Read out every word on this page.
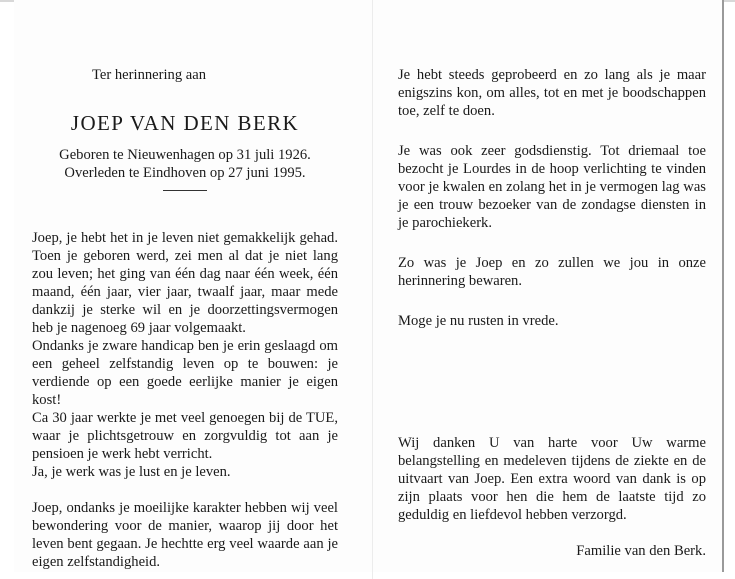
Ter herinnering aan

JOEP VAN DEN BERK

Geboren te Nieuwenhagen op 31 juli 1926.

Overleden te Eindhoven op 27 juni 1995.

Joep, je hebt het in je leven niet gemakkelijk gehad. Toen je geboren werd, zei men al dat je niet lang zou leven; het ging van één dag naar één week, één maand, één jaar, vier jaar, twaalf jaar, maar mede dankzij je sterke wil en je doorzettingsvermogen heb je nagenoeg 69 jaar volgemaakt.

Ondanks je zware handicap ben je erin geslaagd om een geheel zelfstandig leven op te bouwen: je verdiende op een goede eerlijke manier je eigen kost!

Ca 30 jaar werkte je met veel genoegen bij de TUE, waar je plichtsgetrouw en zorgvuldig tot aan je pensioen je werk hebt verricht.

Ja, je werk was je lust en je leven.

Joep, ondanks je moeilijke karakter hebben wij veel bewondering voor de manier, waarop jij door het leven bent gegaan. Je hechtte erg veel waarde aan je eigen zelfstandigheid.

Je hebt steeds geprobeerd en zo lang als je maar enigszins kon, om alles, tot en met je boodschappen toe, zelf te doen.

Je was ook zeer godsdienstig. Tot driemaal toe bezocht je Lourdes in de hoop verlichting te vinden voor je kwalen en zolang het in je vermogen lag was je een trouw bezoeker van de zondagse diensten in je parochiekerk.

Zo was je Joep en zo zullen we jou in onze herinnering bewaren.

Moge je nu rusten in vrede.

Wij danken U van harte voor Uw warme belangstelling en medeleven tijdens de ziekte en de uitvaart van Joep. Een extra woord van dank is op zijn plaats voor hen die hem de laatste tijd zo geduldig en liefdevol hebben verzorgd.

Familie van den Berk.
